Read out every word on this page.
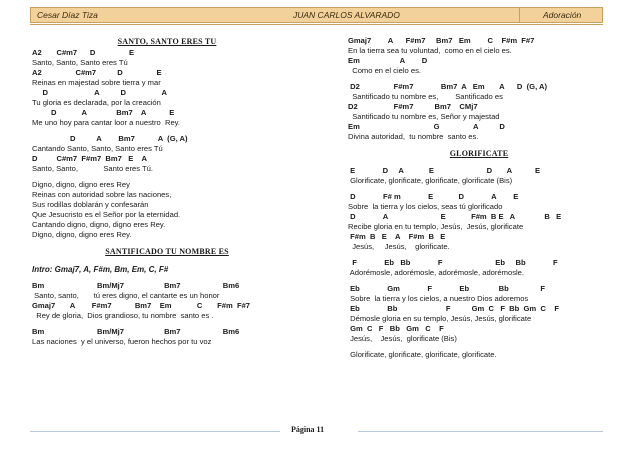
Cesar Díaz Tiza	JUAN CARLOS ALVARADO	Adoración
SANTO, SANTO ERES TU
A2       C#m7      D                E
Santo, Santo, Santo eres Tú
A2                C#m7          D                E
Reinas en majestad sobre tierra y mar
D                      A          D                 A
Tu gloria es declarada, por la creación
D            A              Bm7    A           E
Me uno hoy para cantar loor a nuestro  Rey.
D          A        Bm7           A  (G, A)
Cantando Santo, Santo, Santo eres Tú
D         C#m7  F#m7  Bm7   E    A
Santo, Santo,            Santo eres Tú.
Digno, digno, digno eres Rey
Reinas con autoridad sobre las naciones,
Sus rodillas doblarán y confesarán
Que Jesucristo es el Señor por la eternidad.
Cantando digno, digno, digno eres Rey.
Digno, digno, digno eres Rey.
SANTIFICADO TU NOMBRE ES
Intro: Gmaj7, A, F#m, Bm, Em, C, F#
Bm                         Bm/Mj7                   Bm7                    Bm6
Santo, santo,       tú eres digno, el cantarte es un honor
Gmaj7       A        F#m7           Bm7    Em            C       F#m  F#7
Rey de gloria,  Dios grandioso, tu nombre  santo es .
Bm                         Bm/Mj7                   Bm7                    Bm6
Las naciones  y el universo, fueron hechos por tu voz
Gmaj7        A      F#m7     Bm7   Em        C    F#m  F#7
En la tierra sea tu voluntad,  como en el cielo es.
Em                   A        D
Como en el cielo es.
D2                F#m7             Bm7  A   Em       A      D  (G, A)
Santificado tu nombre es,        Santificado es
D2                 F#m7          Bm7    CMj7
Santificado tu nombre es, Señor y majestad
Em                                   G                A          D
Divina autoridad,  tu nombre  santo es.
GLORIFICATE
E             D     A            E                         D       A           E
Glorificate, glorificate, glorificate, glorificate (Bis)
D             F# m             E            D             A        E
Sobre  la tierra y los cielos, seas tú glorificado
D             A                         E            F#m  B E   A              B   E
Recibe gloria en tu templo, Jesús,  Jesús, glorificate
F#m  B   E    A    F#m  B   E
Jesús,     Jesús,    glorificate.
F             Eb   Bb             F                         Eb     Bb             F
Adorémosle, adorémosle, adorémosle, adorémosle.
Eb             Gm             F             Eb              Bb               F
Sobre  la tierra y los cielos, a nuestro Dios adoremos
Eb             Bb                       F          Gm  C   F  Bb  Gm  C    F
Démosle gloria en su templo, Jesús, Jesús, glorificate
Gm  C   F   Bb   Gm   C    F
Jesús,    Jesús,  glorificate (Bis)
Glorificate, glorificate, glorificate, glorificate.
Página 11
